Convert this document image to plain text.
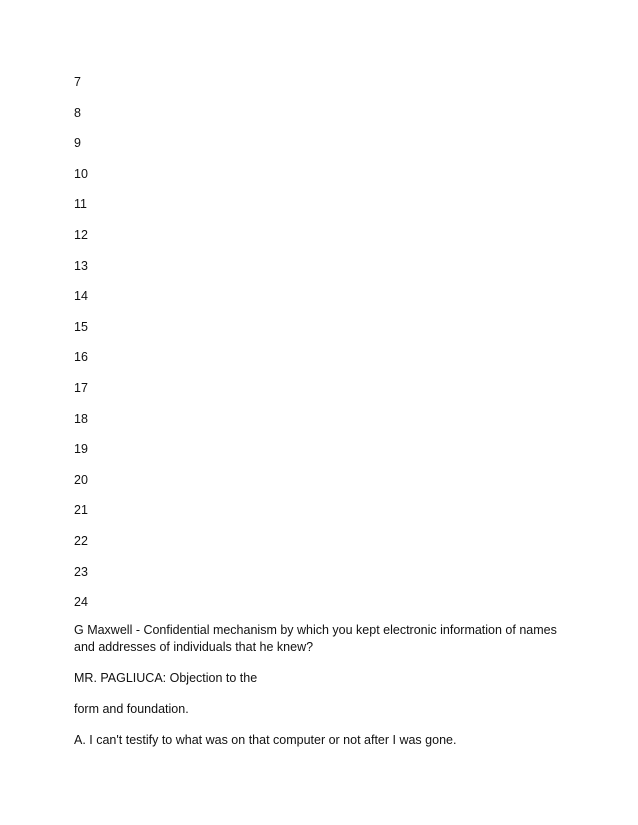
7
8
9
10
11
12
13
14
15
16
17
18
19
20
21
22
23
24

G Maxwell - Confidential mechanism by which you kept electronic information of names and addresses of individuals that he knew?

MR. PAGLIUCA: Objection to the

form and foundation.

A. I can't testify to what was on that computer or not after I was gone.
